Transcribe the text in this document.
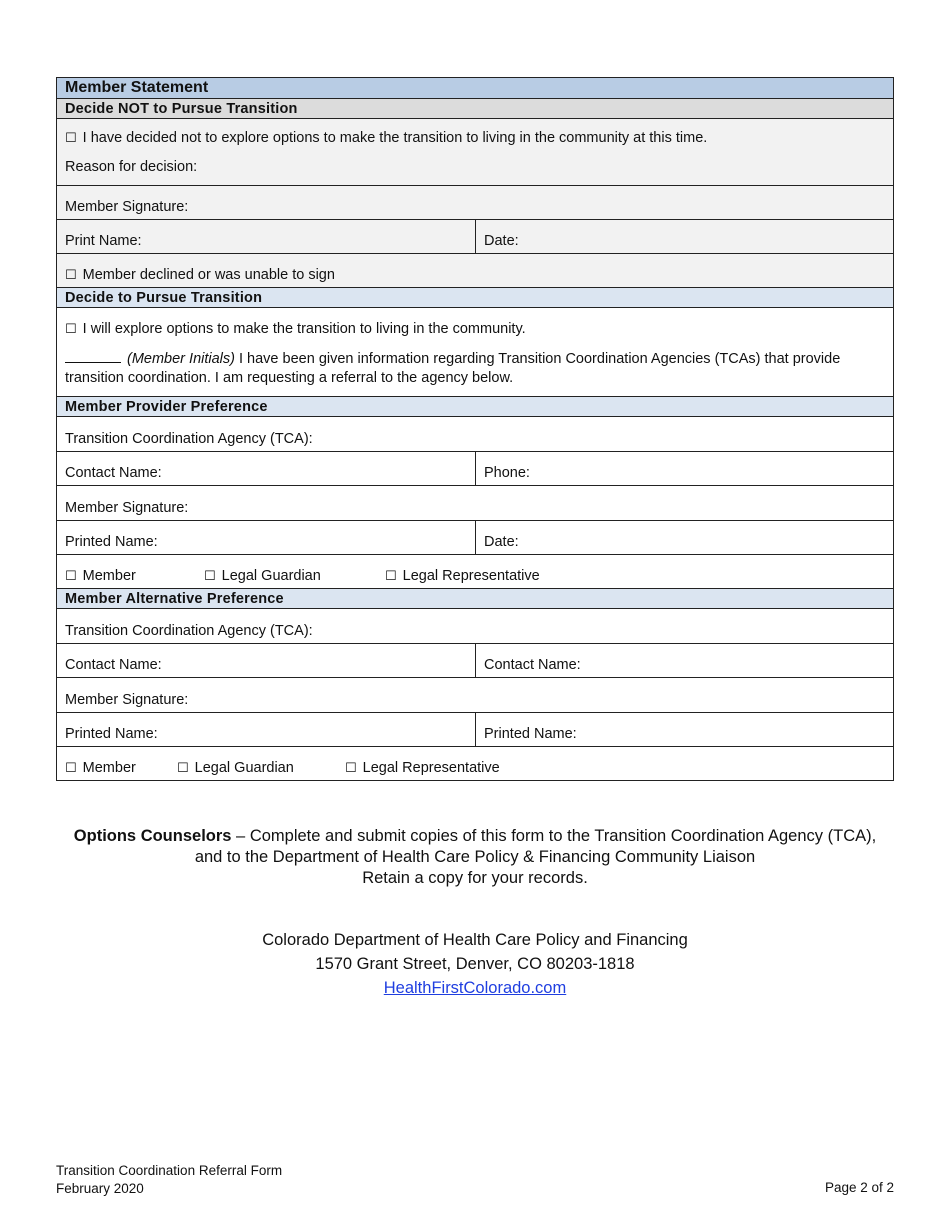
Member Statement
Decide NOT to Pursue Transition

☐ I have decided not to explore options to make the transition to living in the community at this time.

Reason for decision:

Member Signature:
Print Name:	Date:
☐ Member declined or was unable to sign
Decide to Pursue Transition

☐ I will explore options to make the transition to living in the community.

(Member Initials) I have been given information regarding Transition Coordination Agencies (TCAs) that provide transition coordination. I am requesting a referral to the agency below.

Member Provider Preference
Transition Coordination Agency (TCA):
Contact Name:	Phone:
Member Signature:
Printed Name:	Date:
☐ Member	☐ Legal Guardian	☐ Legal Representative
Member Alternative Preference
Transition Coordination Agency (TCA):
Contact Name:	Contact Name:
Member Signature:
Printed Name:	Printed Name:
☐ Member	☐ Legal Guardian	☐ Legal Representative
Options Counselors – Complete and submit copies of this form to the Transition Coordination Agency (TCA),
and to the Department of Health Care Policy & Financing Community Liaison
Retain a copy for your records.
Colorado Department of Health Care Policy and Financing
1570 Grant Street, Denver, CO 80203-1818
HealthFirstColorado.com
Transition Coordination Referral Form
February 2020	Page 2 of 2
